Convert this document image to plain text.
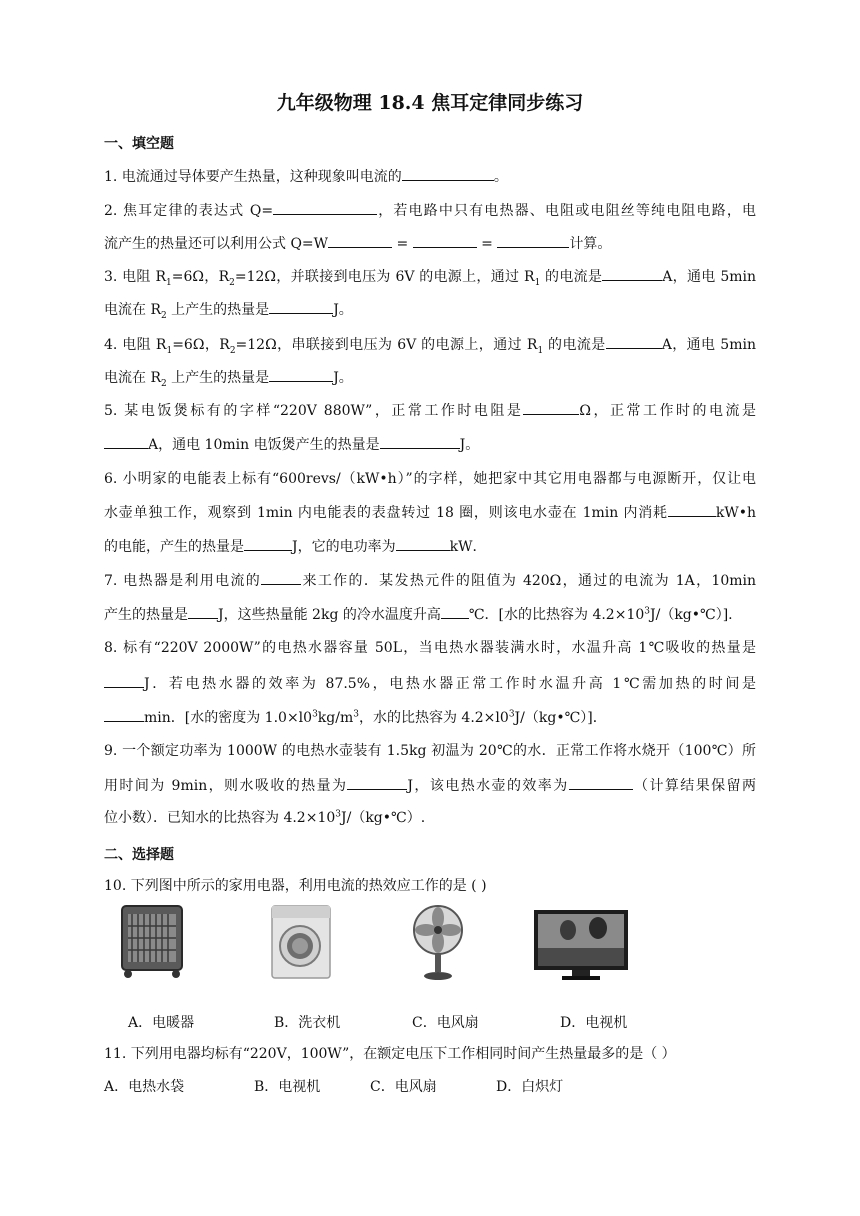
九年级物理 18.4 焦耳定律同步练习
一、填空题
1. 电流通过导体要产生热量，这种现象叫电流的	。
2. 焦耳定律的表达式 Q=	，若电路中只有电热器、电阻或电阻丝等纯电阻电路，电
流产生的热量还可以利用公式 Q=W	=	=	计算。
3. 电阻 $R_1=6\Omega$，$R_2=12\Omega$，并联接到电压为 6V 的电源上，通过 $R_1$ 的电流是	A，通电 5min
电流在 $R_2$ 上产生的热量是	J。
4. 电阻 $R_1=6\Omega$，$R_2=12\Omega$，串联接到电压为 6V 的电源上，通过 $R_1$ 的电流是	A，通电 5min
电流在 $R_2$ 上产生的热量是	J。
5. 某电饭煲标有的字样“220V 880W”，正常工作时电阻是	Ω，正常工作时的电流是
A，通电 10min 电饭煲产生的热量是	J。
6. 小明家的电能表上标有“600revs/（kW•h）”的字样，她把家中其它用电器都与电源断开，仅让电
水壶单独工作，观察到 1min 内电能表的表盘转过 18 圈，则该电水壶在 1min 内消耗	kW•h
的电能，产生的热量是	J，它的电功率为	kW．
7. 电热器是利用电流的	来工作的．某发热元件的阻值为 420Ω，通过的电流为 1A，10min
产生的热量是 J，这些热量能 2kg 的冷水温度升高 ℃．[水的比热容为 $4.2\times 10^3J/(kg•℃)$].
8. 标有“220V 2000W”的电热水器容量 50L，当电热水器装满水时，水温升高 1℃吸收的热量是
J．若电热水器的效率为 87.5%，电热水器正常工作时水温升高 1℃需加热的时间是
min．[水的密度为 $1.0\times l0^3kg/m^3$，水的比热容为 $4.2\times l0^3J/(kg•℃)$]．
9. 一个额定功率为 1000W 的电热水壶装有 1.5kg 初温为 20℃的水．正常工作将水烧开（100℃）所
用时间为 9min，则水吸收的热量为	J，该电热水壶的效率为	（计算结果保留两
位小数）．已知水的比热容为 $4.2\times 10^3J/(kg•℃)$.
二、选择题
10. 下列图中所示的家用电器，利用电流的热效应工作的是 ( )
A．电暖器	B．洗衣机	C．电风扇	D．电视机
11. 下列用电器均标有“220V，100W”，在额定电压下工作相同时间产生热量最多的是（ ）
A．电热水袋	B．电视机	C．电风扇	D．白炽灯
